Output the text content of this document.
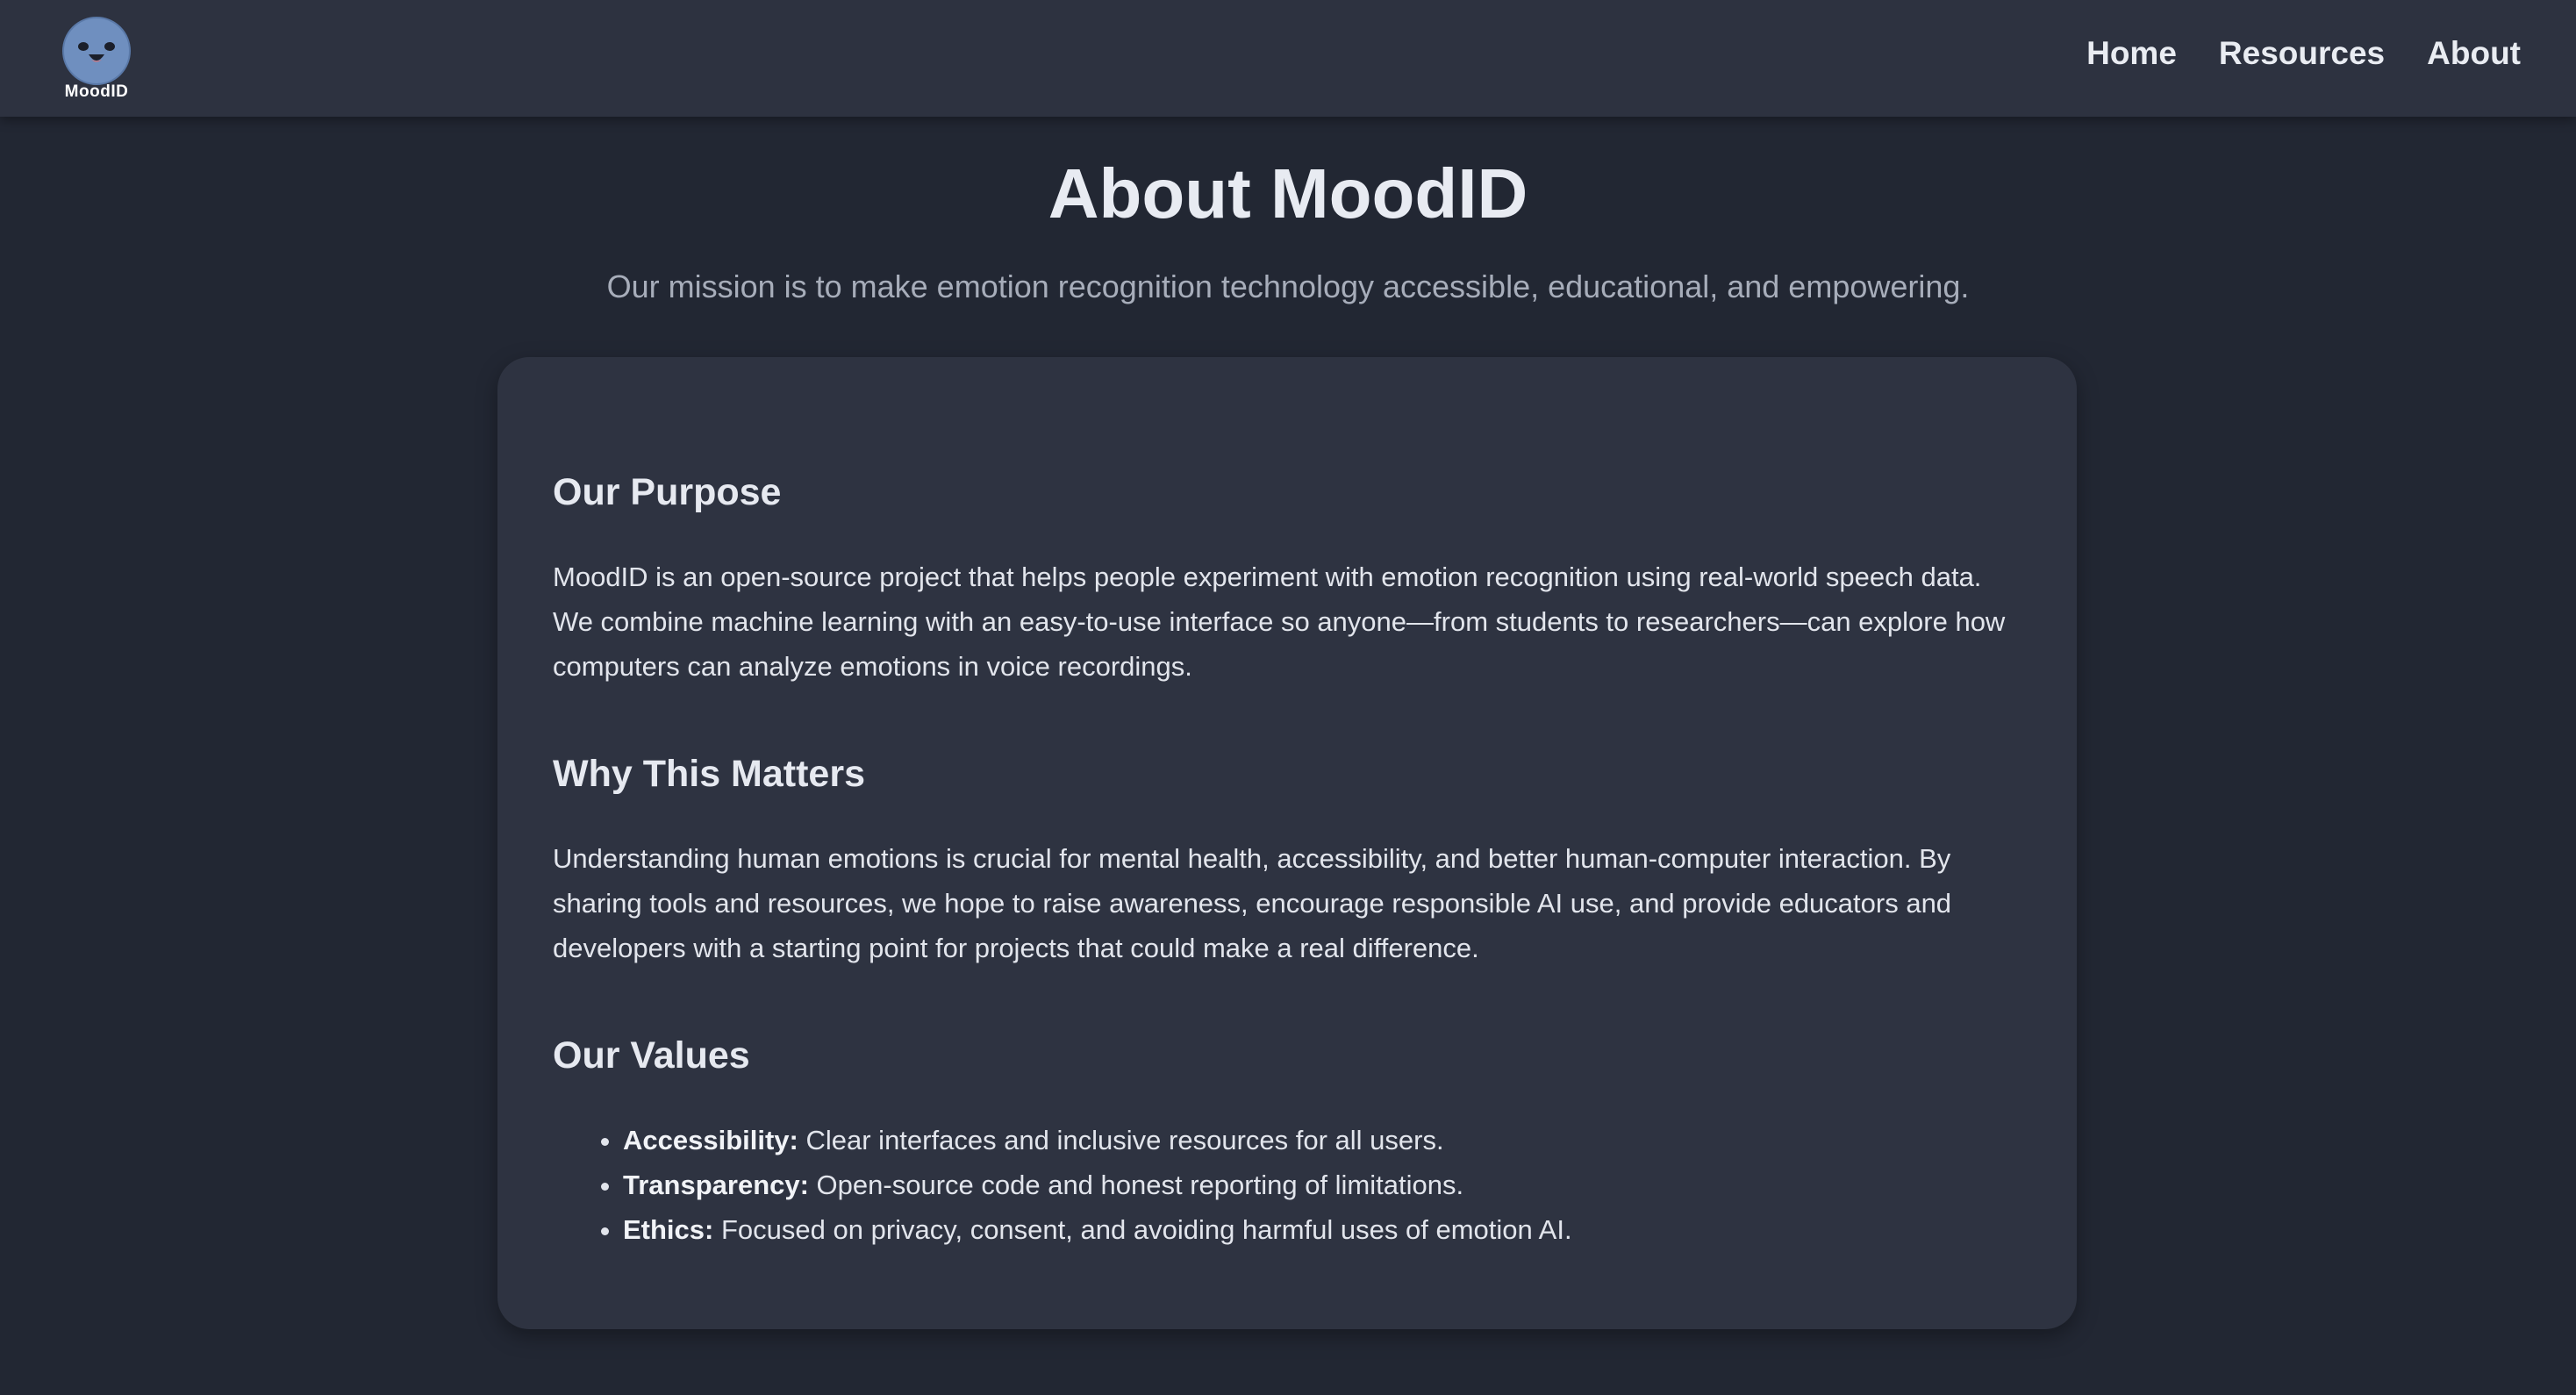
MoodID
Home Resources About
About MoodID

Our mission is to make emotion recognition technology accessible, educational, and empowering.

Our Purpose

MoodID is an open-source project that helps people experiment with emotion recognition using real-world speech data. We combine machine learning with an easy-to-use interface so anyone—from students to researchers—can explore how computers can analyze emotions in voice recordings.

Why This Matters

Understanding human emotions is crucial for mental health, accessibility, and better human-computer interaction. By sharing tools and resources, we hope to raise awareness, encourage responsible AI use, and provide educators and developers with a starting point for projects that could make a real difference.

Our Values
• Accessibility: Clear interfaces and inclusive resources for all users.
• Transparency: Open-source code and honest reporting of limitations.
• Ethics: Focused on privacy, consent, and avoiding harmful uses of emotion AI.
